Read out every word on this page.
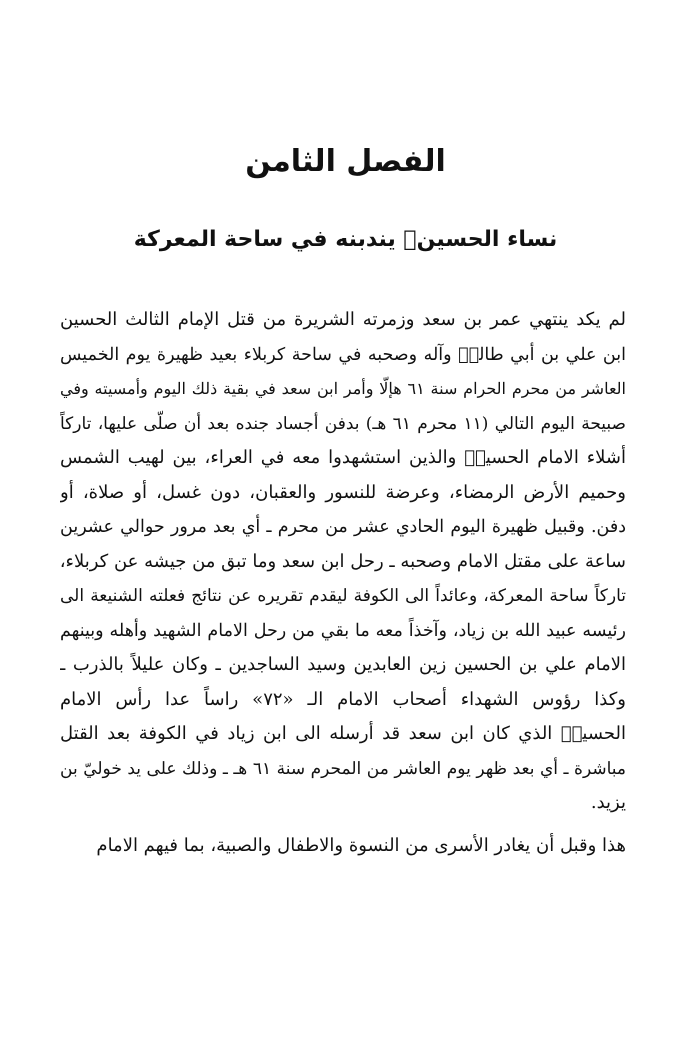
الفصل الثامن
نساء الحسينؑ يندبنه في ساحة المعركة
لم يكد ينتهي عمر بن سعد وزمرته الشريرة من قتل الإمام الثالث الحسين
ابن علي بن أبي طالبؑ وآله وصحبه في ساحة كربلاء بعيد ظهيرة يوم الخميس
العاشر من محرم الحرام سنة ٦١ هإلّا وأمر ابن سعد في بقية ذلك اليوم وأمسيته وفي
صبيحة اليوم التالي (١١ محرم ٦١ هـ) بدفن أجساد جنده بعد أن صلّى عليها، تاركاً
أشلاء الامام الحسينؑ والذين استشهدوا معه في العراء، بين لهيب الشمس
وحميم الأرض الرمضاء، وعرضة للنسور والعقبان، دون غسل، أو صلاة، أو
دفن. وقبيل ظهيرة اليوم الحادي عشر من محرم ـ أي بعد مرور حوالي عشرين
ساعة على مقتل الامام وصحبه ـ رحل ابن سعد وما تبق من جيشه عن كربلاء،
تاركاً ساحة المعركة، وعائداً الى الكوفة ليقدم تقريره عن نتائج فعلته الشنيعة الى
رئيسه عبيد الله بن زياد، وآخذاً معه ما بقي من رحل الامام الشهيد وأهله وبينهم
الامام علي بن الحسين زين العابدين وسيد الساجدين ـ وكان عليلاً بالذرب ـ
وكذا رؤوس الشهداء أصحاب الامام الـ «٧٢» راساً عدا رأس الامام
الحسينؑ الذي كان ابن سعد قد أرسله الى ابن زياد في الكوفة بعد القتل
مباشرة ـ أي بعد ظهر يوم العاشر من المحرم سنة ٦١ هـ ـ وذلك على يد خوليّ بن
يزيد.
هذا وقبل أن يغادر الأسرى من النسوة والاطفال والصبية، بما فيهم الامام
